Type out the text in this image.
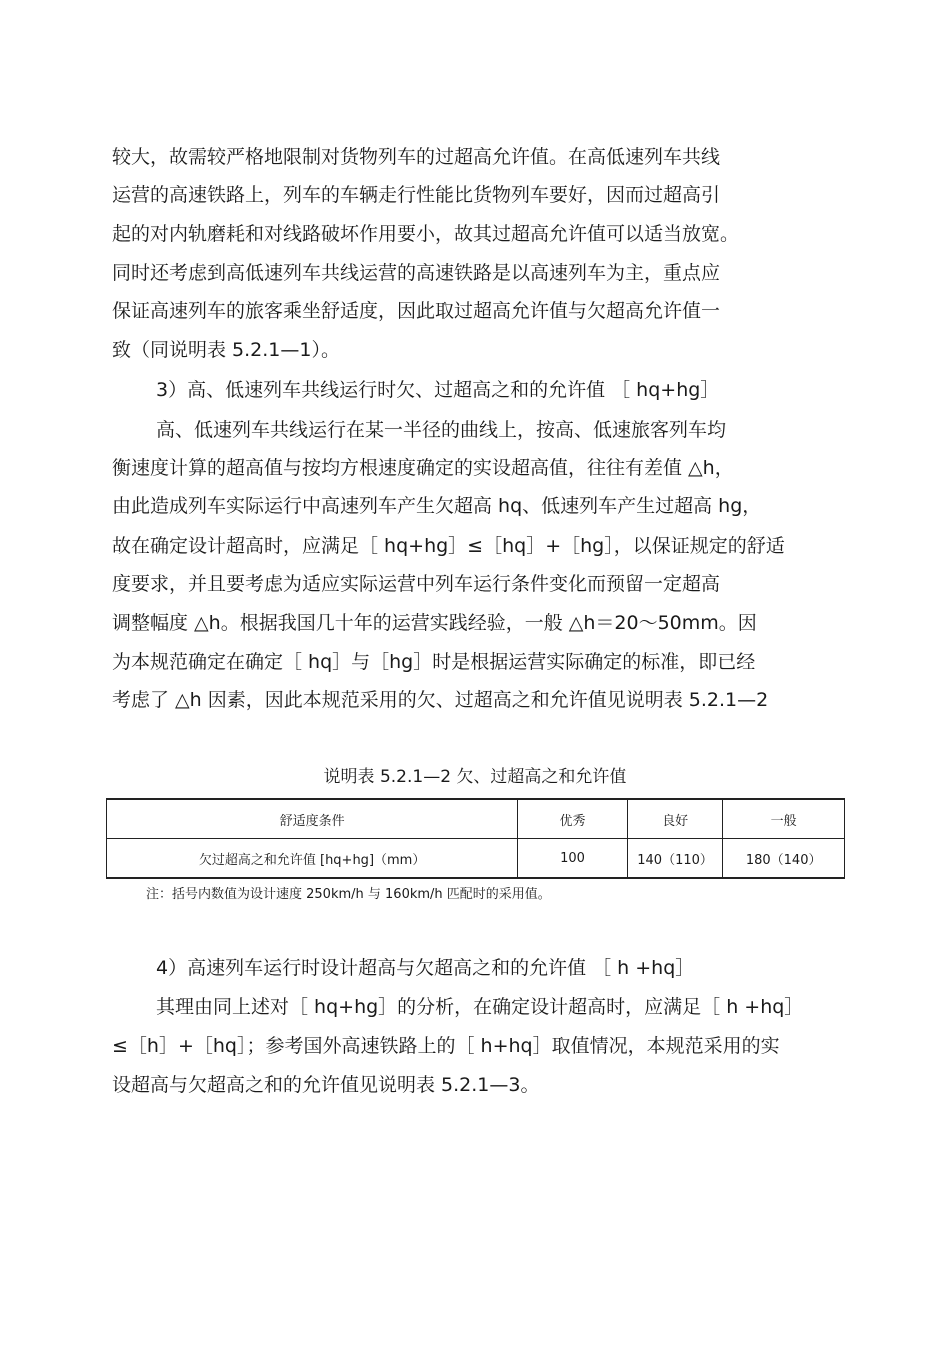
较大，故需较严格地限制对货物列车的过超高允许值。在高低速列车共线
运营的高速铁路上，列车的车辆走行性能比货物列车要好，因而过超高引
起的对内轨磨耗和对线路破坏作用要小，故其过超高允许值可以适当放宽。
同时还考虑到高低速列车共线运营的高速铁路是以高速列车为主，重点应
保证高速列车的旅客乘坐舒适度，因此取过超高允许值与欠超高允许值一
致（同说明表 5.2.1—1）。
3）高、低速列车共线运行时欠、过超高之和的允许值 ［ hq+hg］
高、低速列车共线运行在某一半径的曲线上，按高、低速旅客列车均
衡速度计算的超高值与按均方根速度确定的实设超高值，往往有差值 △h，
由此造成列车实际运行中高速列车产生欠超高 hq、低速列车产生过超高 hg，
故在确定设计超高时，应满足［ hq+hg］≤［hq］+［hg］，以保证规定的舒适
度要求，并且要考虑为适应实际运营中列车运行条件变化而预留一定超高
调整幅度 △h。根据我国几十年的运营实践经验，一般 △h＝20～50mm。因
为本规范确定在确定［ hq］与［hg］时是根据运营实际确定的标准，即已经
考虑了 △h 因素，因此本规范采用的欠、过超高之和允许值见说明表 5.2.1—2
说明表 5.2.1—2 欠、过超高之和允许值
舒适度条件	优秀	良好	一般
欠过超高之和允许值 [hq+hg]（mm）	100	140（110）	180（140）
注：括号内数值为设计速度 250km/h 与 160km/h 匹配时的采用值。
4）高速列车运行时设计超高与欠超高之和的允许值 ［ h +hq］
其理由同上述对［ hq+hg］的分析，在确定设计超高时，应满足［ h +hq］
≤［h］+［hq］；参考国外高速铁路上的［ h+hq］取值情况，本规范采用的实
设超高与欠超高之和的允许值见说明表 5.2.1—3。
